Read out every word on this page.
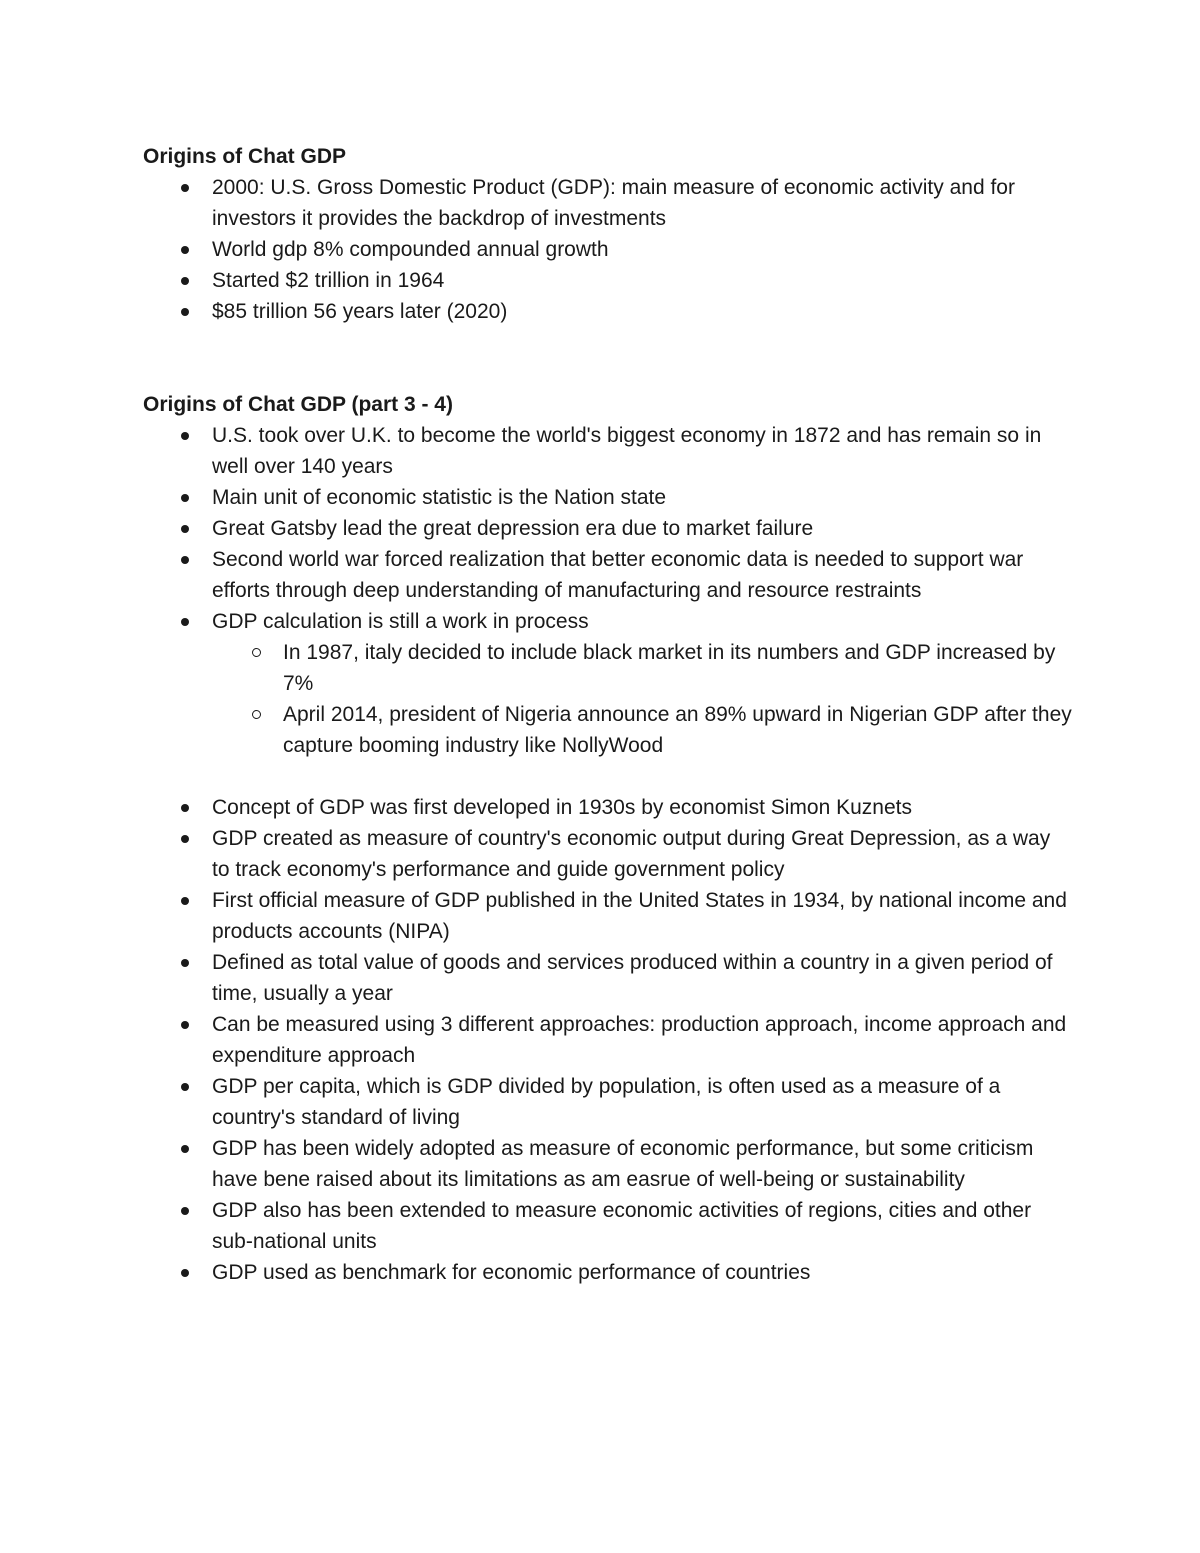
Origins of Chat GDP

2000: U.S. Gross Domestic Product (GDP): main measure of economic activity and for investors it provides the backdrop of investments
World gdp 8% compounded annual growth
Started $2 trillion in 1964
$85 trillion 56 years later (2020)

Origins of Chat GDP (part 3 - 4)

U.S. took over U.K. to become the world's biggest economy in 1872 and has remain so in well over 140 years
Main unit of economic statistic is the Nation state
Great Gatsby lead the great depression era due to market failure
Second world war forced realization that better economic data is needed to support war efforts through deep understanding of manufacturing and resource restraints
GDP calculation is still a work in process
In 1987, italy decided to include black market in its numbers and GDP increased by 7%
April 2014, president of Nigeria announce an 89% upward in Nigerian GDP after they capture booming industry like NollyWood
Concept of GDP was first developed in 1930s by economist Simon Kuznets
GDP created as measure of country's economic output during Great Depression, as a way to track economy's performance and guide government policy
First official measure of GDP published in the United States in 1934, by national income and products accounts (NIPA)
Defined as total value of goods and services produced within a country in a given period of time, usually a year
Can be measured using 3 different approaches: production approach, income approach and expenditure approach
GDP per capita, which is GDP divided by population, is often used as a measure of a country's standard of living
GDP has been widely adopted as measure of economic performance, but some criticism have bene raised about its limitations as am easrue of well-being or sustainability
GDP also has been extended to measure economic activities of regions, cities and other sub-national units
GDP used as benchmark for economic performance of countries
